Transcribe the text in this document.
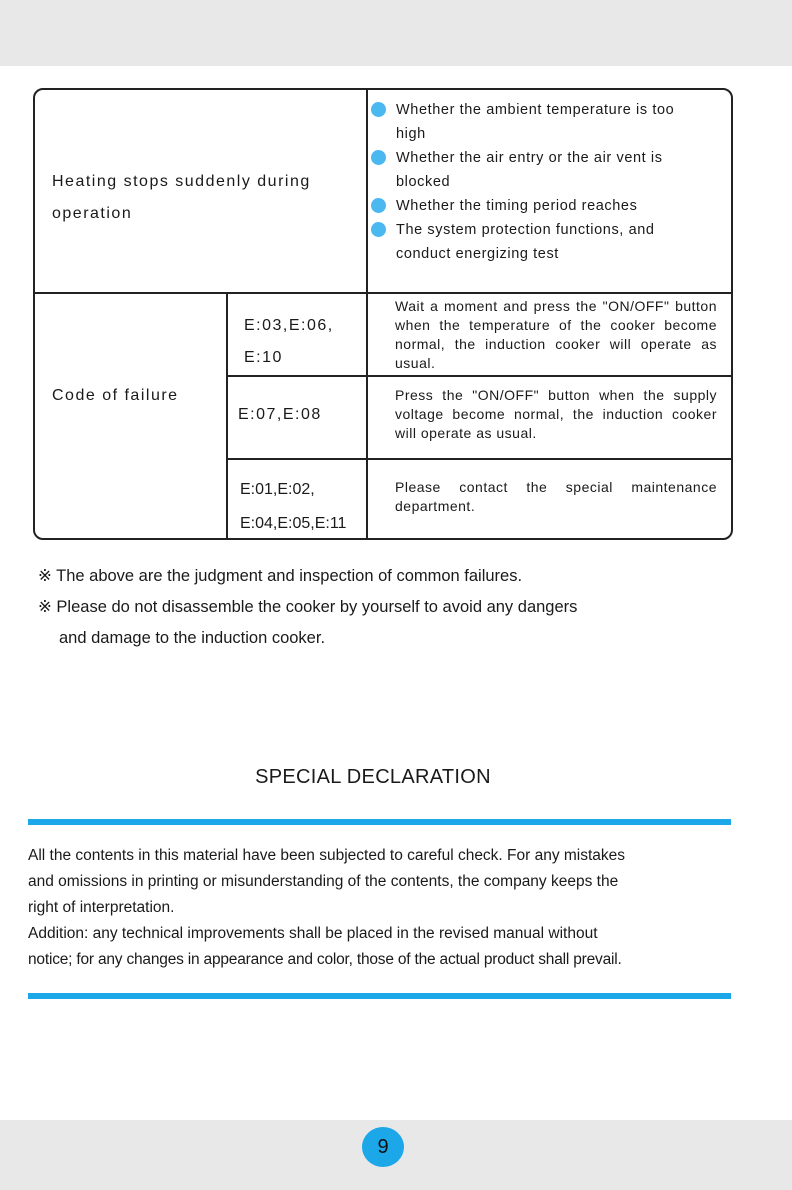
Heating stops suddenly during
operation
Whether the ambient temperature is too
high
Whether the air entry or the air vent is
blocked
Whether the timing period reaches
The system protection functions, and
conduct energizing test
Code of failure
E:03,E:06,
E:10
E:07,E:08
E:01,E:02,
E:04,E:05,E:11
Wait a moment and press the "ON/OFF" button when the temperature of the cooker become normal, the induction cooker will operate as usual.
Press the "ON/OFF" button when the supply voltage become normal, the induction cooker will operate as usual.
Please contact the special maintenance department.
※ The above are the judgment and inspection of common failures.
※ Please do not disassemble the cooker by yourself to avoid any dangers
and damage to the induction cooker.
SPECIAL DECLARATION

All the contents in this material have been subjected to careful check. For any mistakes

and omissions in printing or misunderstanding of the contents, the company keeps the

right of interpretation.

Addition: any technical improvements shall be placed in the revised manual without

notice; for any changes in appearance and color, those of the actual product shall prevail.

9
